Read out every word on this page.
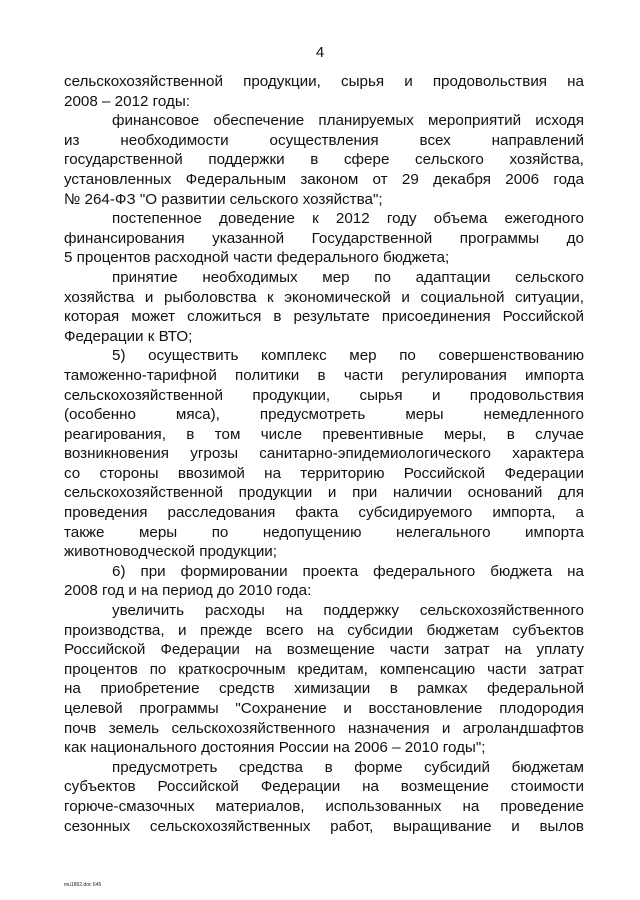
4
сельскохозяйственной продукции, сырья и продовольствия на
2008 – 2012 годы:
финансовое обеспечение планируемых мероприятий исходя
из необходимости осуществления всех направлений
государственной поддержки в сфере сельского хозяйства,
установленных Федеральным законом от 29 декабря 2006 года
№ 264-ФЗ "О развитии сельского хозяйства";
постепенное доведение к 2012 году объема ежегодного
финансирования указанной Государственной программы до
5 процентов расходной части федерального бюджета;
принятие необходимых мер по адаптации сельского
хозяйства и рыболовства к экономической и социальной ситуации,
которая может сложиться в результате присоединения Российской
Федерации к ВТО;
5) осуществить комплекс мер по совершенствованию
таможенно-тарифной политики в части регулирования импорта
сельскохозяйственной продукции, сырья и продовольствия
(особенно мяса), предусмотреть меры немедленного
реагирования, в том числе превентивные меры, в случае
возникновения угрозы санитарно-эпидемиологического характера
со стороны ввозимой на территорию Российской Федерации
сельскохозяйственной продукции и при наличии оснований для
проведения расследования факта субсидируемого импорта, а
также меры по недопущению нелегального импорта
животноводческой продукции;
6) при формировании проекта федерального бюджета на
2008 год и на период до 2010 года:
увеличить расходы на поддержку сельскохозяйственного
производства, и прежде всего на субсидии бюджетам субъектов
Российской Федерации на возмещение части затрат на уплату
процентов по краткосрочным кредитам, компенсацию части затрат
на приобретение средств химизации в рамках федеральной
целевой программы "Сохранение и восстановление плодородия
почв земель сельскохозяйственного назначения и агроландшафтов
как национального достояния России на 2006 – 2010 годы";
предусмотреть средства в форме субсидий бюджетам
субъектов Российской Федерации на возмещение стоимости
горюче-смазочных материалов, использованных на проведение
сезонных сельскохозяйственных работ, выращивание и вылов
mu1862.doc 645
